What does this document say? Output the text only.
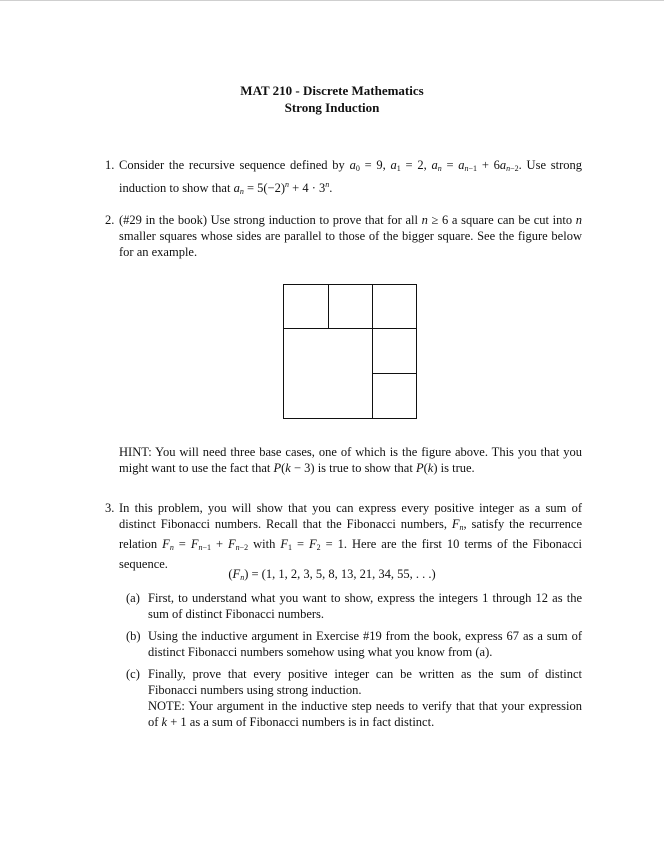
MAT 210 - Discrete Mathematics
Strong Induction
1. Consider the recursive sequence defined by $a_0 = 9$, $a_1 = 2$, $a_n = a_{n-1} + 6a_{n-2}$. Use strong induction to show that $a_n = 5(-2)^n + 4 \cdot 3^n$.
2. (#29 in the book) Use strong induction to prove that for all n ≥ 6 a square can be cut into n smaller squares whose sides are parallel to those of the bigger square. See the figure below for an example.
HINT: You will need three base cases, one of which is the figure above. This you that you might want to use the fact that P(k − 3) is true to show that P(k) is true.
3. In this problem, you will show that you can express every positive integer as a sum of distinct Fibonacci numbers. Recall that the Fibonacci numbers, $F_n$, satisfy the recurrence relation $F_n = F_{n-1} + F_{n-2}$ with $F_1 = F_2 = 1$. Here are the first 10 terms of the Fibonacci sequence.
$(F_n) = (1$, 1, 2, 3, 5, 8, 13, 21, 34, 55, . . .)
(a) First, to understand what you want to show, express the integers 1 through 12 as the sum of distinct Fibonacci numbers.
(b) Using the inductive argument in Exercise #19 from the book, express 67 as a sum of distinct Fibonacci numbers somehow using what you know from (a).
(c) Finally, prove that every positive integer can be written as the sum of distinct Fibonacci numbers using strong induction.
NOTE: Your argument in the inductive step needs to verify that that your expression of k + 1 as a sum of Fibonacci numbers is in fact distinct.
